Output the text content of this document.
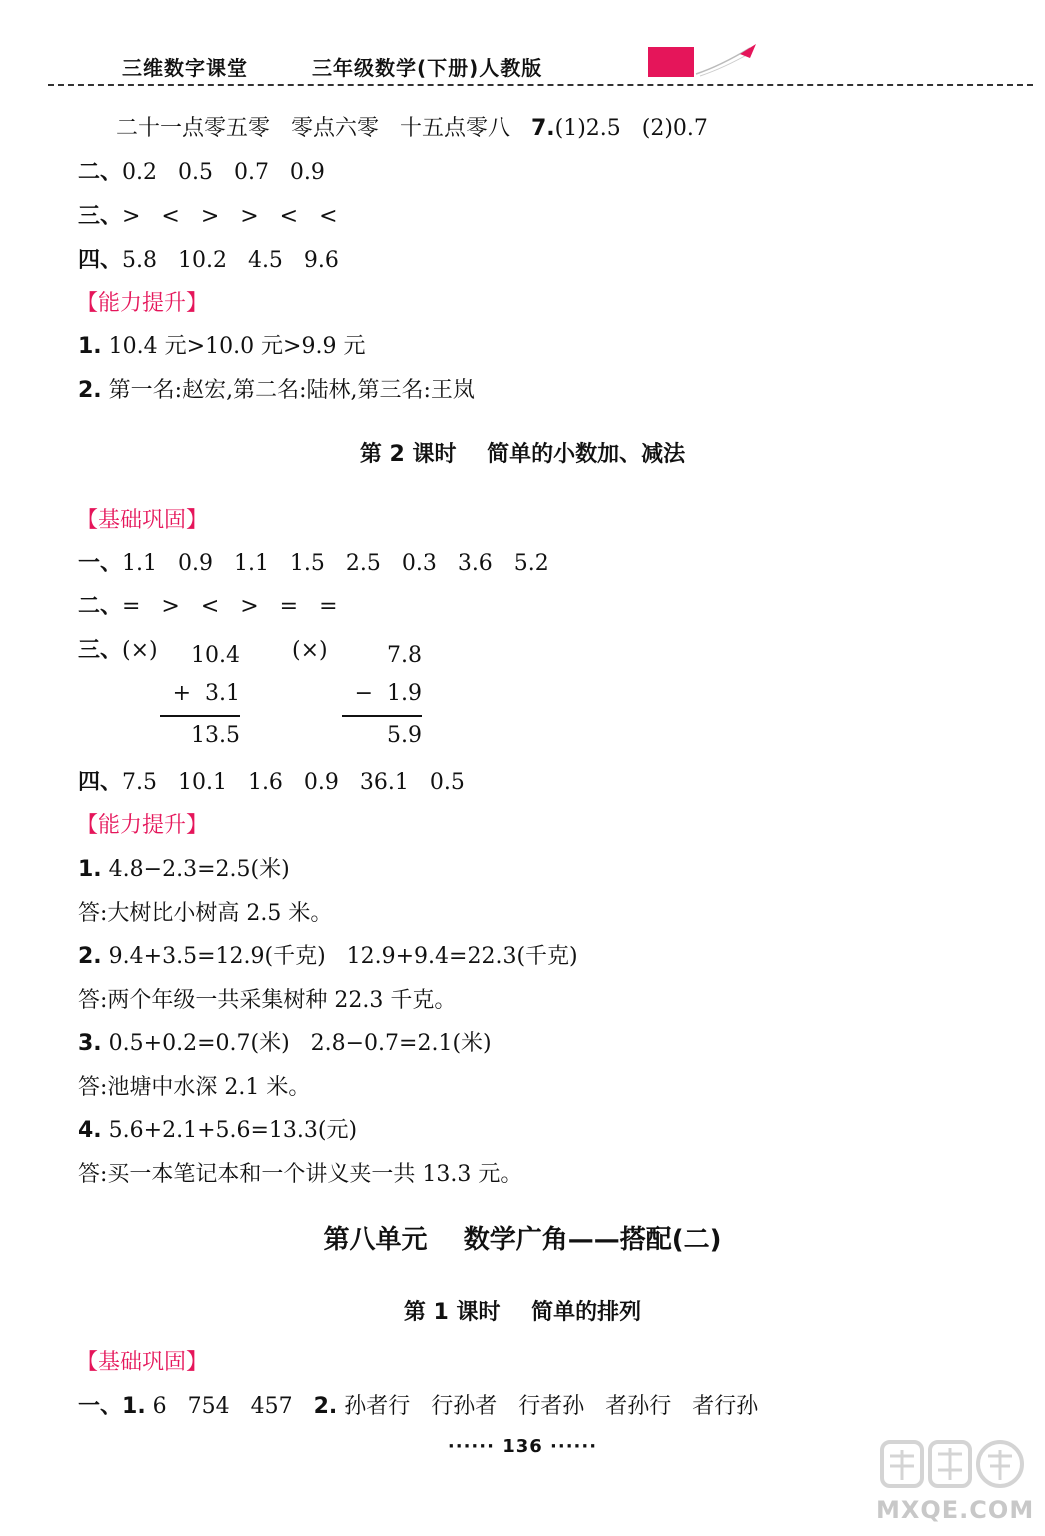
三维数字课堂	三年级数学(下册)人教版
二十一点零五零   零点六零   十五点零八   7.(1)2.5   (2)0.7
二、0.2   0.5   0.7   0.9
三、>   <   >   >   <   <
四、5.8   10.2   4.5   9.6
【能力提升】
1. 10.4 元>10.0 元>9.9 元
2. 第一名:赵宏,第二名:陆林,第三名:王岚
第 2 课时    简单的小数加、减法
【基础巩固】
一、1.1   0.9   1.1   1.5   2.5   0.3   3.6   5.2
二、=   >   <   >   =   =
三、(×)	(×)
10.4
+  3.1
13.5
7.8
−  1.9
5.9
四、7.5   10.1   1.6   0.9   36.1   0.5
【能力提升】
1. 4.8−2.3=2.5(米)
答:大树比小树高 2.5 米。
2. 9.4+3.5=12.9(千克)   12.9+9.4=22.3(千克)
答:两个年级一共采集树种 22.3 千克。
3. 0.5+0.2=0.7(米)   2.8−0.7=2.1(米)
答:池塘中水深 2.1 米。
4. 5.6+2.1+5.6=13.3(元)
答:买一本笔记本和一个讲义夹一共 13.3 元。
第八单元    数学广角——搭配(二)
第 1 课时    简单的排列
【基础巩固】
一、1. 6   754   457   2. 孙者行   行孙者   行者孙   者孙行   者行孙
······ 136 ······
MXQE.COM
